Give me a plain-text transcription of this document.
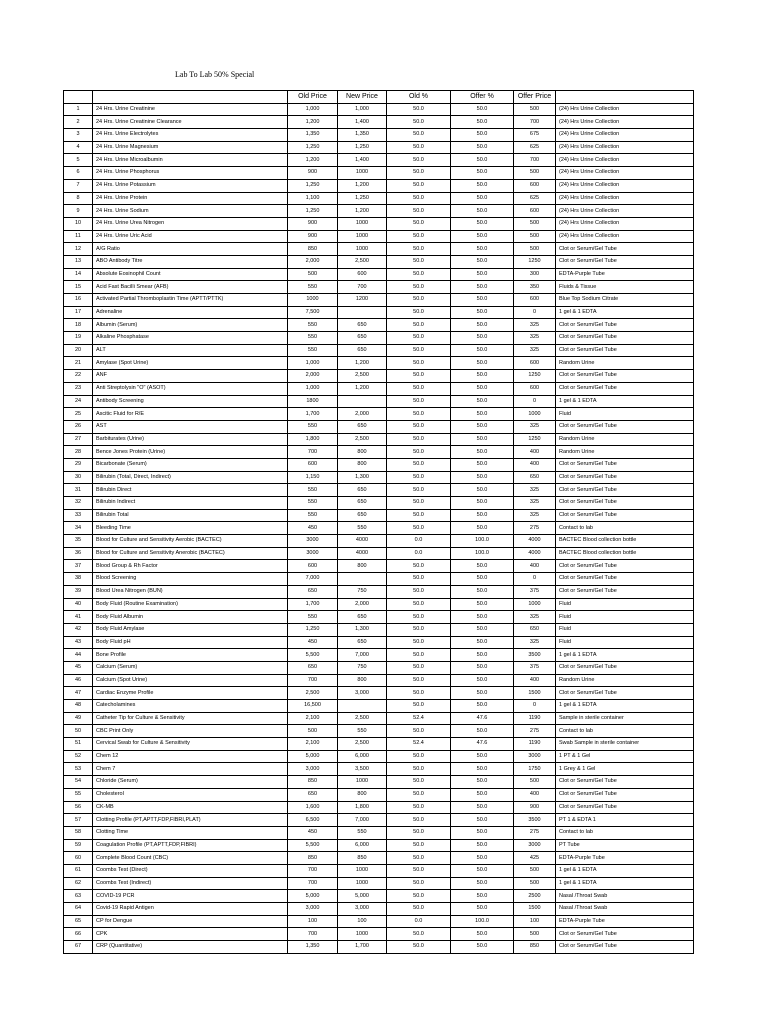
Lab To Lab 50% Special
		Old Price	New Price	Old %	Offer %	Offer Price	
1	24 Hrs. Urine Creatinine	1,000	1,000	50.0	50.0	500	(24) Hrs Urine Collection
2	24 Hrs. Urine Creatinine Clearance	1,200	1,400	50.0	50.0	700	(24) Hrs Urine Collection
3	24 Hrs. Urine Electrolytes	1,350	1,350	50.0	50.0	675	(24) Hrs Urine Collection
4	24 Hrs. Urine Magnesium	1,250	1,250	50.0	50.0	625	(24) Hrs Urine Collection
5	24 Hrs. Urine Microalbumin	1,200	1,400	50.0	50.0	700	(24) Hrs Urine Collection
6	24 Hrs. Urine Phosphorus	900	1000	50.0	50.0	500	(24) Hrs Urine Collection
7	24 Hrs. Urine Potassium	1,250	1,200	50.0	50.0	600	(24) Hrs Urine Collection
8	24 Hrs. Urine Protein	1,100	1,250	50.0	50.0	625	(24) Hrs Urine Collection
9	24 Hrs. Urine Sodium	1,250	1,200	50.0	50.0	600	(24) Hrs Urine Collection
10	24 Hrs. Urine Urea Nitrogen	900	1000	50.0	50.0	500	(24) Hrs Urine Collection
11	24 Hrs. Urine Uric Acid	900	1000	50.0	50.0	500	(24) Hrs Urine Collection
12	A/G Ratio	850	1000	50.0	50.0	500	Clot or Serum/Gel Tube
13	ABO Antibody Titre	2,000	2,500	50.0	50.0	1250	Clot or Serum/Gel Tube
14	Absolute Eosinophil Count	500	600	50.0	50.0	300	EDTA-Purple Tube
15	Acid Fast Bacilli Smear (AFB)	550	700	50.0	50.0	350	Fluids & Tissue
16	Activated Partial Thromboplastin Time (APTT/PTTK)	1000	1200	50.0	50.0	600	Blue Top Sodium Citrate
17	Adrenaline	7,500		50.0	50.0	0	1 gel & 1 EDTA
18	Albumin (Serum)	550	650	50.0	50.0	325	Clot or Serum/Gel Tube
19	Alkaline Phosphatase	550	650	50.0	50.0	325	Clot or Serum/Gel Tube
20	ALT	550	650	50.0	50.0	325	Clot or Serum/Gel Tube
21	Amylase (Spot Urine)	1,000	1,200	50.0	50.0	600	Random Urine
22	ANF	2,000	2,500	50.0	50.0	1250	Clot or Serum/Gel Tube
23	Anti Streptolysin "O" (ASOT)	1,000	1,200	50.0	50.0	600	Clot or Serum/Gel Tube
24	Antibody Screening	1800		50.0	50.0	0	1 gel & 1 EDTA
25	Ascitic Fluid for R/E	1,700	2,000	50.0	50.0	1000	Fluid
26	AST	550	650	50.0	50.0	325	Clot or Serum/Gel Tube
27	Barbiturates (Urine)	1,800	2,500	50.0	50.0	1250	Random Urine
28	Bence Jones Protein (Urine)	700	800	50.0	50.0	400	Random Urine
29	Bicarbonate (Serum)	600	800	50.0	50.0	400	Clot or Serum/Gel Tube
30	Bilirubin (Total, Direct, Indirect)	1,150	1,300	50.0	50.0	650	Clot or Serum/Gel Tube
31	Bilirubin Direct	550	650	50.0	50.0	325	Clot or Serum/Gel Tube
32	Bilirubin Indirect	550	650	50.0	50.0	325	Clot or Serum/Gel Tube
33	Bilirubin Total	550	650	50.0	50.0	325	Clot or Serum/Gel Tube
34	Bleeding Time	450	550	50.0	50.0	275	Contact to lab
35	Blood for Culture and Sensitivity Aerobic (BACTEC)	3000	4000	0.0	100.0	4000	BACTEC Blood collection bottle
36	Blood for Culture and Sensitivity Anerobic (BACTEC)	3000	4000	0.0	100.0	4000	BACTEC Blood collection bottle
37	Blood Group & Rh Factor	600	800	50.0	50.0	400	Clot or Serum/Gel Tube
38	Blood Screening	7,000		50.0	50.0	0	Clot or Serum/Gel Tube
39	Blood Urea Nitrogen (BUN)	650	750	50.0	50.0	375	Clot or Serum/Gel Tube
40	Body Fluid (Routine Examination)	1,700	2,000	50.0	50.0	1000	Fluid
41	Body Fluid Albumin	550	650	50.0	50.0	325	Fluid
42	Body Fluid Amylase	1,250	1,300	50.0	50.0	650	Fluid
43	Body Fluid pH	450	650	50.0	50.0	325	Fluid
44	Bone Profile	5,500	7,000	50.0	50.0	3500	1 gel & 1 EDTA
45	Calcium (Serum)	650	750	50.0	50.0	375	Clot or Serum/Gel Tube
46	Calcium (Spot Urine)	700	800	50.0	50.0	400	Random Urine
47	Cardiac Enzyme Profile	2,500	3,000	50.0	50.0	1500	Clot or Serum/Gel Tube
48	Catecholamines	16,500		50.0	50.0	0	1 gel & 1 EDTA
49	Catheter Tip for Culture & Sensitivity	2,100	2,500	52.4	47.6	1190	Sample in sterile container
50	CBC Print Only	500	550	50.0	50.0	275	Contact to lab
51	Cervical Swab for Culture & Sensitivity	2,100	2,500	52.4	47.6	1190	Swab Sample in sterile container
52	Chem 12	5,000	6,000	50.0	50.0	3000	1 PT & 1 Gel
53	Chem 7	3,000	3,500	50.0	50.0	1750	1 Grey & 1 Gel
54	Chloride (Serum)	850	1000	50.0	50.0	500	Clot or Serum/Gel Tube
55	Cholesterol	650	800	50.0	50.0	400	Clot or Serum/Gel Tube
56	CK-MB	1,600	1,800	50.0	50.0	900	Clot or Serum/Gel Tube
57	Clotting Profile (PT,APTT,FDP,FIBRI,PLAT)	6,500	7,000	50.0	50.0	3500	PT 1 & EDTA 1
58	Clotting Time	450	550	50.0	50.0	275	Contact to lab
59	Coagulation Profile (PT,APTT,FDP,FIBRI)	5,500	6,000	50.0	50.0	3000	PT Tube
60	Complete Blood Count (CBC)	850	850	50.0	50.0	425	EDTA-Purple Tube
61	Coombs Test (Direct)	700	1000	50.0	50.0	500	1 gel & 1 EDTA
62	Coombs Test (Indirect)	700	1000	50.0	50.0	500	1 gel & 1 EDTA
63	COVID-19 PCR	5,000	5,000	50.0	50.0	2500	Nasal /Throat Swab
64	Covid-19 Rapid Antigen	3,000	3,000	50.0	50.0	1500	Nasal /Throat Swab
65	CP for Dengue	100	100	0.0	100.0	100	EDTA-Purple Tube
66	CPK	700	1000	50.0	50.0	500	Clot or Serum/Gel Tube
67	CRP (Quantitative)	1,350	1,700	50.0	50.0	850	Clot or Serum/Gel Tube
